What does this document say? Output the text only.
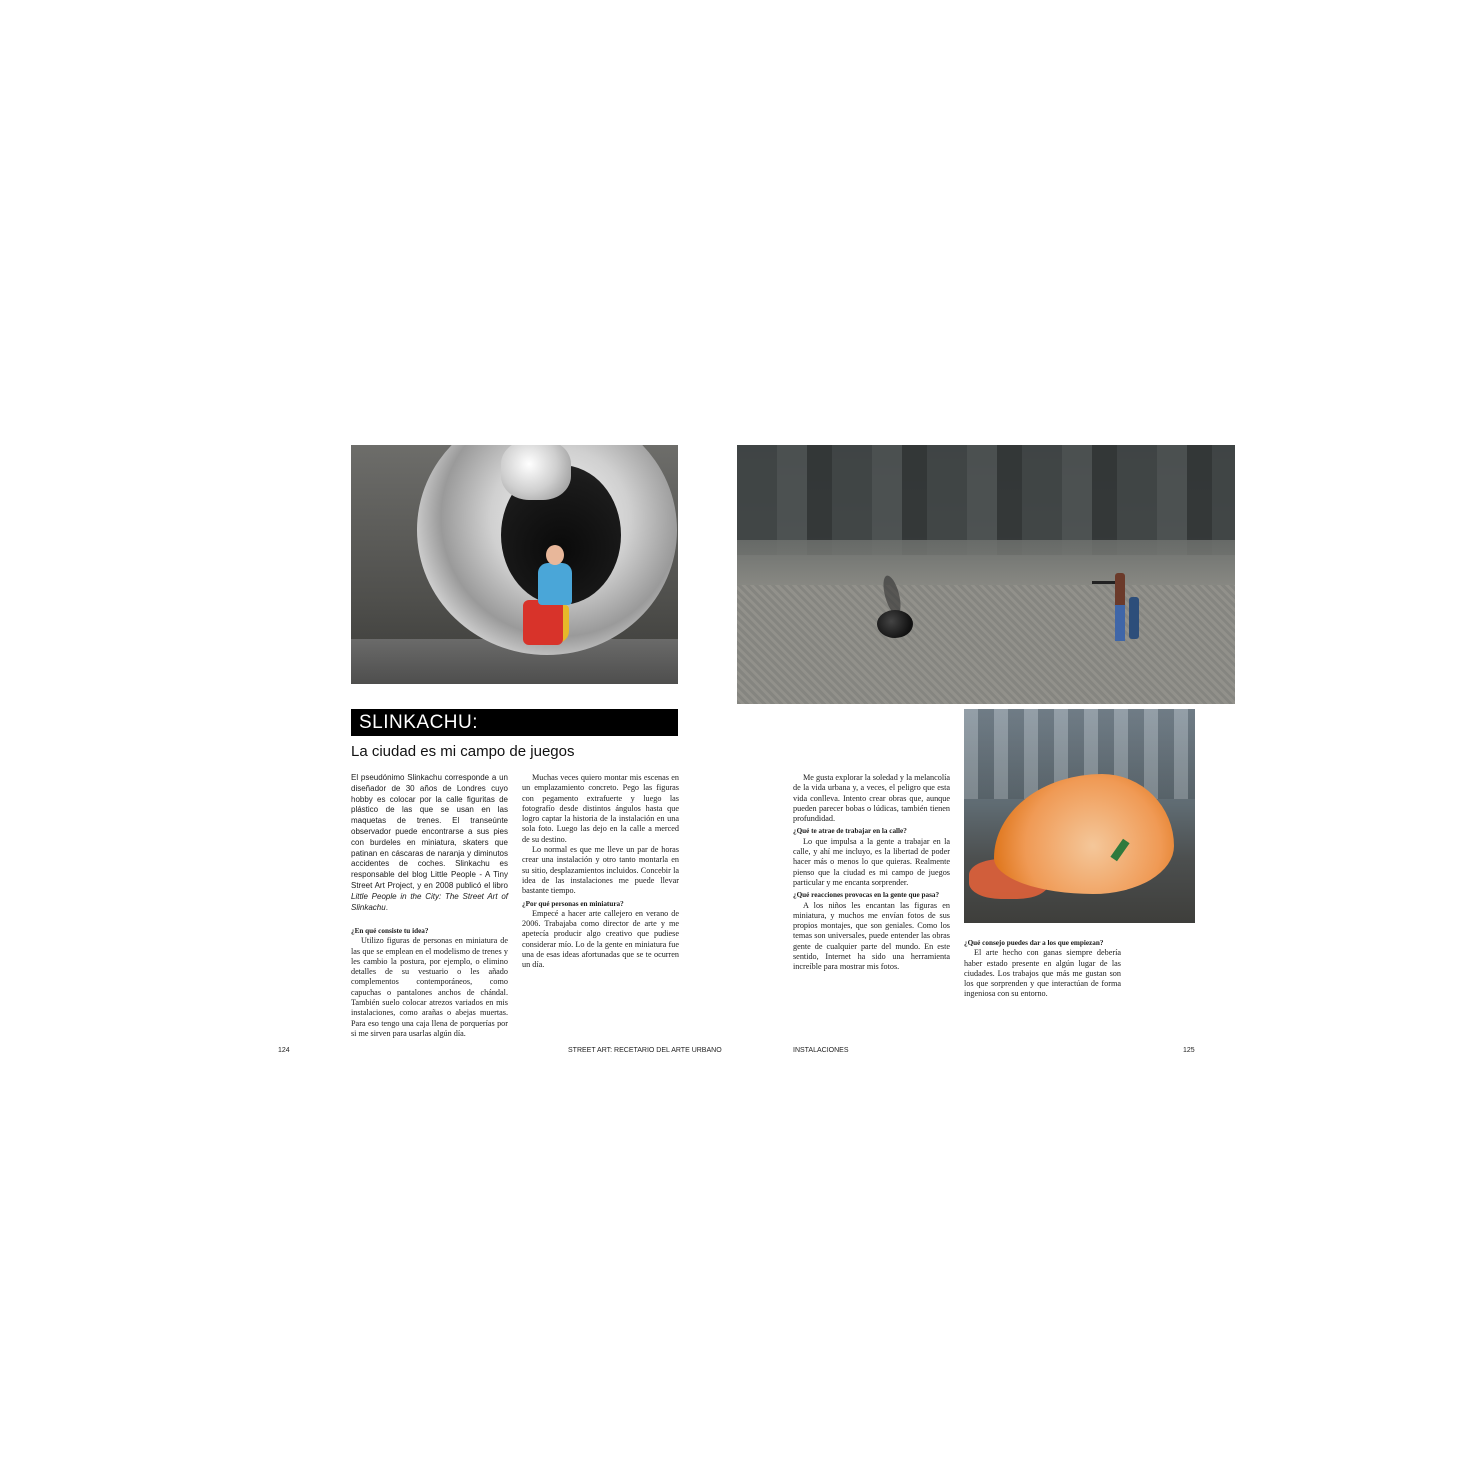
SLINKACHU:
La ciudad es mi campo de juegos

El pseudónimo Slinkachu corresponde a un diseñador de 30 años de Londres cuyo hobby es colocar por la calle figuritas de plástico de las que se usan en las maquetas de trenes. El transeúnte observador puede encontrarse a sus pies con burdeles en miniatura, skaters que patinan en cáscaras de naranja y diminutos accidentes de coches. Slinkachu es responsable del blog Little People - A Tiny Street Art Project, y en 2008 publicó el libro Little People in the City: The Street Art of Slinkachu.

¿En qué consiste tu idea?

Utilizo figuras de personas en miniatura de las que se emplean en el modelismo de trenes y les cambio la postura, por ejemplo, o elimino detalles de su vestuario o les añado complementos contemporáneos, como capuchas o pantalones anchos de chándal. También suelo colocar atrezos variados en mis instalaciones, como arañas o abejas muertas. Para eso tengo una caja llena de porquerías por si me sirven para usarlas algún día.

Muchas veces quiero montar mis escenas en un emplazamiento concreto. Pego las figuras con pegamento extrafuerte y luego las fotografío desde distintos ángulos hasta que logro captar la historia de la instalación en una sola foto. Luego las dejo en la calle a merced de su destino.

Lo normal es que me lleve un par de horas crear una instalación y otro tanto montarla en su sitio, desplazamientos incluidos. Concebir la idea de las instalaciones me puede llevar bastante tiempo.

¿Por qué personas en miniatura?

Empecé a hacer arte callejero en verano de 2006. Trabajaba como director de arte y me apetecía producir algo creativo que pudiese considerar mío. Lo de la gente en miniatura fue una de esas ideas afortunadas que se te ocurren un día.

Me gusta explorar la soledad y la melancolía de la vida urbana y, a veces, el peligro que esta vida conlleva. Intento crear obras que, aunque pueden parecer bobas o lúdicas, también tienen profundidad.

¿Qué te atrae de trabajar en la calle?

Lo que impulsa a la gente a trabajar en la calle, y ahí me incluyo, es la libertad de poder hacer más o menos lo que quieras. Realmente pienso que la ciudad es mi campo de juegos particular y me encanta sorprender.

¿Qué reacciones provocas en la gente que pasa?

A los niños les encantan las figuras en miniatura, y muchos me envían fotos de sus propios montajes, que son geniales. Como los temas son universales, puede entender las obras gente de cualquier parte del mundo. En este sentido, Internet ha sido una herramienta increíble para mostrar mis fotos.

¿Qué consejo puedes dar a los que empiezan?

El arte hecho con ganas siempre debería haber estado presente en algún lugar de las ciudades. Los trabajos que más me gustan son los que sorprenden y que interactúan de forma ingeniosa con su entorno.

124	STREET ART: RECETARIO DEL ARTE URBANO	INSTALACIONES	125
